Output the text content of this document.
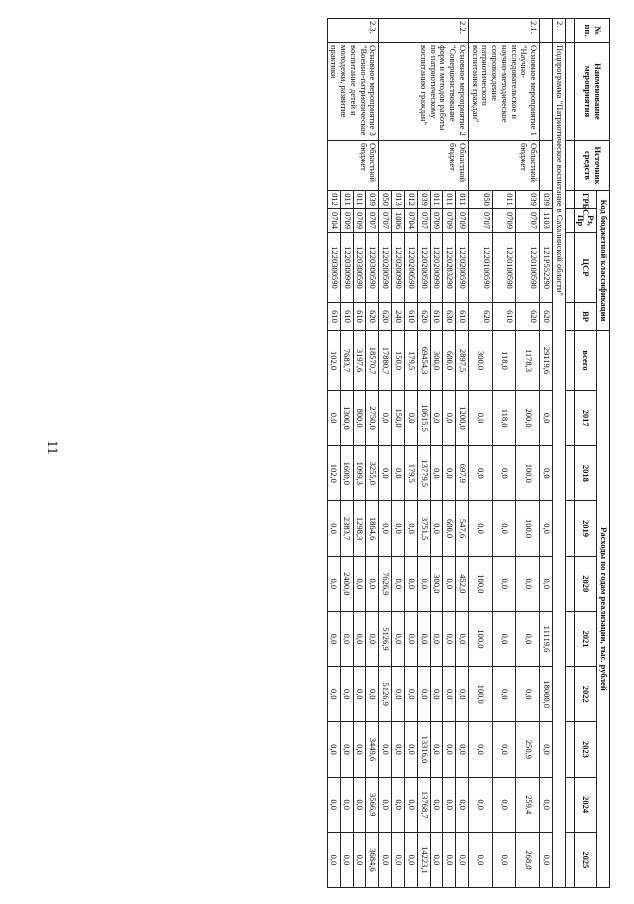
11
№ пп.	Наименование мероприятия	Источник средств	Код бюджетной классификации				Расходы по годам реализации, тыс. рублей									
			ГРБС	Рз, Пр	ЦСР	ВР	всего	2017	2018	2019	2020	2021	2022	2023	2024	2025

2.	Подпрограмма "Патриотическое воспитание в Сахалинской области"															
			039	1103	121P552290	620	29119,6	0,0	0,0	0,0	0,0	11119,6	18000,0	0,0	0,0	0,0
2.1.	Основное мероприятие 1 "Научно-исследовательское и научно-методическое сопровождение патриотического воспитания граждан"	Областной бюджет	039	0707	1220100590	620	1178,3	200,0	100,0	100,0	0,0	0,0	0,0	250,9	259,4	268,0
			011	0709	1220100590	610	118,0	118,0	0,0	0,0	0,0	0,0	0,0	0,0	0,0	0,0
			050	0707	1220100590	620	300,0	0,0	0,0	0,0	100,0	100,0	100,0	0,0	0,0	0,0
2.2.	Основное мероприятие 2 "Совершенствование форм и методов работы по патриотическому воспитанию граждан"	Областной бюджет	011	0709	1220200590	610	2897,5	1200,0	697,9	547,6	452,0	0,0	0,0	0,0	0,0	0,0
			011	0709	1220283290	630	600,0	0,0	0,0	600,0	0,0	0,0	0,0	0,0	0,0	0,0
			011	0709	1220200990	610	300,0	0,0	0,0	0,0	300,0	0,0	0,0	0,0	0,0	0,0
			039	0707	1220200590	620	69454,3	10615,5	13779,5	3751,5	0,0	0,0	0,0	13316,0	13768,7	14223,1
			012	0704	1220200590	610	179,5	0,0	179,5	0,0	0,0	0,0	0,0	0,0	0,0	0,0
			013	1006	1220200990	240	150,0	150,0	0,0	0,0	0,0	0,0	0,0	0,0	0,0	0,0
			050	0707	1220200590	620	17880,7	0,0	0,0	0,0	7626,9	5126,9	5126,9	0,0	0,0	0,0
2.3.	Основное мероприятие 3 "Военно-патриотическое воспитание детей и молодежи, развитие практики	Областной бюджет	039	0707	1220300590	620	18570,7	2750,0	3255,0	1864,6	0,0	0,0	0,0	3449,6	3566,9	3684,6
			011	0709	1220300590	610	3197,6	800,0	1099,3	1298,3	0,0	0,0	0,0	0,0	0,0	0,0
			011	0709	1220300990	610	7683,7	1300,0	1600,0	2383,7	2400,0	0,0	0,0	0,0	0,0	0,0
			012	0704	1220300590	610	102,0	0,0	102,0	0,0	0,0	0,0	0,0	0,0	0,0	0,0
